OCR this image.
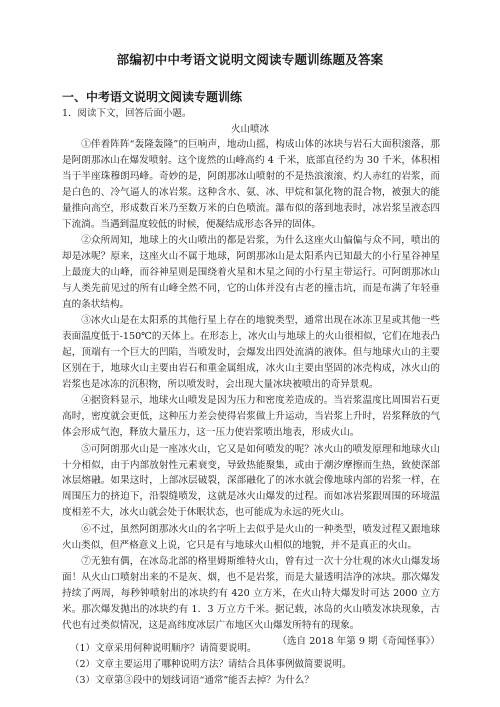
部编初中中考语文说明文阅读专题训练题及答案
一、中考语文说明文阅读专题训练
1．阅读下文，回答后面小题。
火山喷冰

①伴着阵阵“轰隆轰隆”的巨响声，地动山摇，构成山体的冰块与岩石大面积滚落，那是阿朗那冰山在爆发喷射。这个庞然的山峰高约 4 千米，底部直径约为 30 千米，体积相当于半座珠穆朗玛峰。奇妙的是，阿朗那冰山喷射的不是热浪滚滚、灼人赤红的岩浆，而是白色的、冷气逼人的冰岩浆。这种含水、氨、冰、甲烷和氯化物的混合物，被强大的能量推向高空，形成数百米乃至数万米的白色喷流。瀑布似的落到地表时，冰岩浆呈液态四下流淌。当遇到温度较低的时候，便凝结成形态各异的固体。

②众所周知，地球上的火山喷出的都是岩浆，为什么这座火山偏偏与众不同，喷出的却是冰呢？原来，这座火山不属于地球，阿朗那冰山是太阳系内已知最大的小行星谷神星上最庞大的山峰，而谷神星则是围绕着火星和木星之间的小行星主带运行。可阿朗那冰山与人类先前见过的所有山峰全然不同，它的山体并没有古老的撞击坑，而是布满了年轻垂直的条状结构。

③冰火山是在太阳系的其他行星上存在的地貌类型，通常出现在冰冻卫星或其他一些表面温度低于-150℃的天体上。在形态上，冰火山与地球上的火山很相似，它们在地表凸起，顶端有一个巨大的凹陷，当喷发时，会爆发出四处流淌的液体。但与地球火山的主要区别在于，地球火山主要由岩石和重金属组成，冰火山主要由坚固的冰壳构成，冰火山的岩浆也是冰冻的沉积物，所以喷发时，会出现大量冰块被喷出的奇异景观。

④据资料显示，地球火山喷发是因为压力和密度差造成的。当岩浆温度比周围岩石更高时，密度就会更低，这种压力差会使得岩浆做上升运动，当岩浆上升时，岩浆释放的气体会形成气泡，释放大量压力，这一压力使岩浆喷出地表，形成火山。

⑤可阿朗那火山是一座冰火山，它又是如何喷发的呢？冰火山的喷发原理和地球火山十分相似，由于内部放射性元素衰变，导致热能聚集，或由于潮汐摩擦而生热，致使深部冰层熔融。如果这时，上部冰层破裂，深部融化了的冰水就会像地球内部的岩浆一样，在周围压力的挤迫下，沿裂缝喷发，这就是冰火山爆发的过程。而如冰岩浆跟周围的环境温度相差不大，冰火山就会处于休眠状态，也可能成为永远的死火山。

⑥不过，虽然阿朗那冰火山的名字听上去似乎是火山的一种类型，喷发过程又跟地球火山类似，但严格意义上说，它只是有与地球火山相似的地貌，并不是真正的火山。

⑦无独有偶，在冰岛北部的格里姆斯维特火山，曾有过一次十分壮观的冰火山爆发场面！从火山口喷射出来的不是灰、烟，也不是岩浆，而是大量透明洁净的冰块。那次爆发持续了两周，每秒钟喷射出的冰块约有 420 立方米，在火山特大爆发时可达 2000 立方米。那次爆发抛出的冰块约有 1．3 万立方千米。据记载，冰岛的火山喷发冰块现象，古代也有过类似情况，这是高纬度冰层广布地区火山爆发所特有的现象。

（选自 2018 年第 9 期《奇闻怪事》）

（1）文章采用何种说明顺序？请简要说明。
（2）文章主要运用了哪种说明方法？请结合具体事例做简要说明。
（3）文章第③段中的划线词语“通常”能否去掉？为什么？
